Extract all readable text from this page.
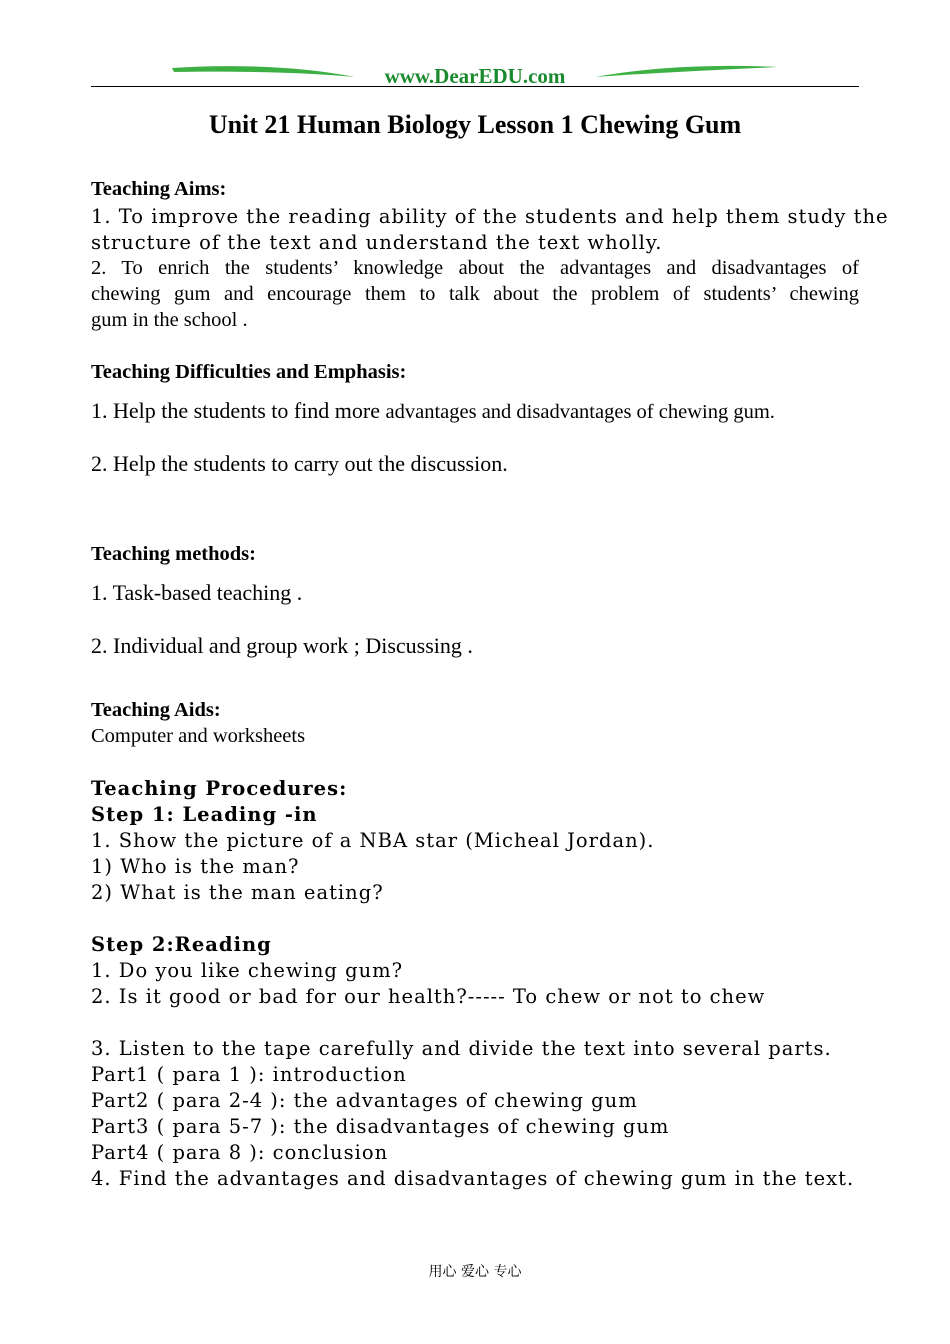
www.DearEDU.com
Unit 21 Human Biology Lesson 1 Chewing Gum
Teaching Aims:
1. To improve the reading ability of the students and help them study the
structure of the text and understand the text wholly.
2. To enrich the students’ knowledge about the advantages and disadvantages of
chewing gum and encourage them to talk about the problem of students’ chewing
gum in the school .
Teaching Difficulties and Emphasis:
1. Help the students to find more advantages and disadvantages of chewing gum.
2. Help the students to carry out the discussion.
Teaching methods:
1. Task-based teaching .
2. Individual and group work ; Discussing .
Teaching Aids:
Computer and worksheets
Teaching Procedures:
Step 1: Leading -in
1. Show the picture of a NBA star (Micheal Jordan).
1) Who is the man?
2) What is the man eating?
Step 2:Reading
1. Do you like chewing gum?
2. Is it good or bad for our health?----- To chew or not to chew
3. Listen to the tape carefully and divide the text into several parts.
Part1 ( para 1 ): introduction
Part2 ( para 2-4 ): the advantages of chewing gum
Part3 ( para 5-7 ): the disadvantages of chewing gum
Part4 ( para 8 ): conclusion
4. Find the advantages and disadvantages of chewing gum in the text.
用心 爱心 专心
